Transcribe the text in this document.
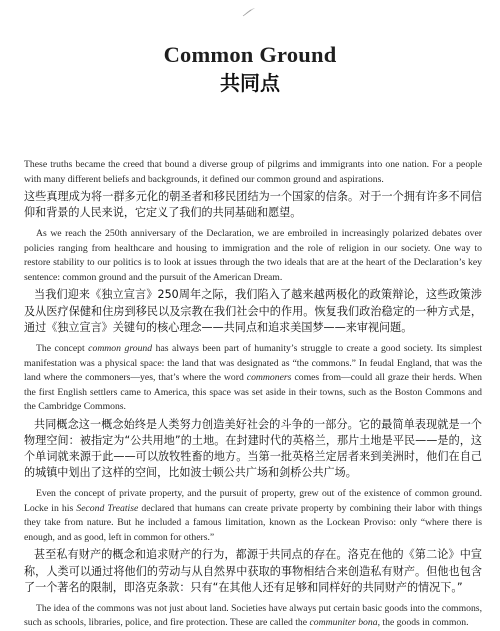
Common Ground
共同点

These truths became the creed that bound a diverse group of pilgrims and immigrants into one nation. For a people with many different beliefs and backgrounds, it defined our common ground and aspirations.

这些真理成为将一群多元化的朝圣者和移民团结为一个国家的信条。对于一个拥有许多不同信仰和背景的人民来说，它定义了我们的共同基础和愿望。

As we reach the 250th anniversary of the Declaration, we are embroiled in increasingly polarized debates over policies ranging from healthcare and housing to immigration and the role of religion in our society. One way to restore stability to our politics is to look at issues through the two ideals that are at the heart of the Declaration’s key sentence: common ground and the pursuit of the American Dream.

当我们迎来《独立宣言》250周年之际，我们陷入了越来越两极化的政策辩论，这些政策涉及从医疗保健和住房到移民以及宗教在我们社会中的作用。恢复我们政治稳定的一种方式是，通过《独立宣言》关键句的核心理念——共同点和追求美国梦——来审视问题。

The concept common ground has always been part of humanity’s struggle to create a good society. Its simplest manifestation was a physical space: the land that was designated as “the commons.” In feudal England, that was the land where the commoners—yes, that’s where the word commoners comes from—could all graze their herds. When the first English settlers came to America, this space was set aside in their towns, such as the Boston Commons and the Cambridge Commons.

共同概念这一概念始终是人类努力创造美好社会的斗争的一部分。它的最简单表现就是一个物理空间：被指定为“公共用地”的土地。在封建时代的英格兰，那片土地是平民——是的，这个单词就来源于此——可以放牧牲畜的地方。当第一批英格兰定居者来到美洲时，他们在自己的城镇中划出了这样的空间，比如波士顿公共广场和剑桥公共广场。

Even the concept of private property, and the pursuit of property, grew out of the existence of common ground. Locke in his Second Treatise declared that humans can create private property by combining their labor with things they take from nature. But he included a famous limitation, known as the Lockean Proviso: only “where there is enough, and as good, left in common for others.”

甚至私有财产的概念和追求财产的行为，都源于共同点的存在。洛克在他的《第二论》中宣称，人类可以通过将他们的劳动与从自然界中获取的事物相结合来创造私有财产。但他也包含了一个著名的限制，即洛克条款：只有“在其他人还有足够和同样好的共同财产的情况下。”

The idea of the commons was not just about land. Societies have always put certain basic goods into the commons, such as schools, libraries, police, and fire protection. These are called the communiter bona, the goods in common.
